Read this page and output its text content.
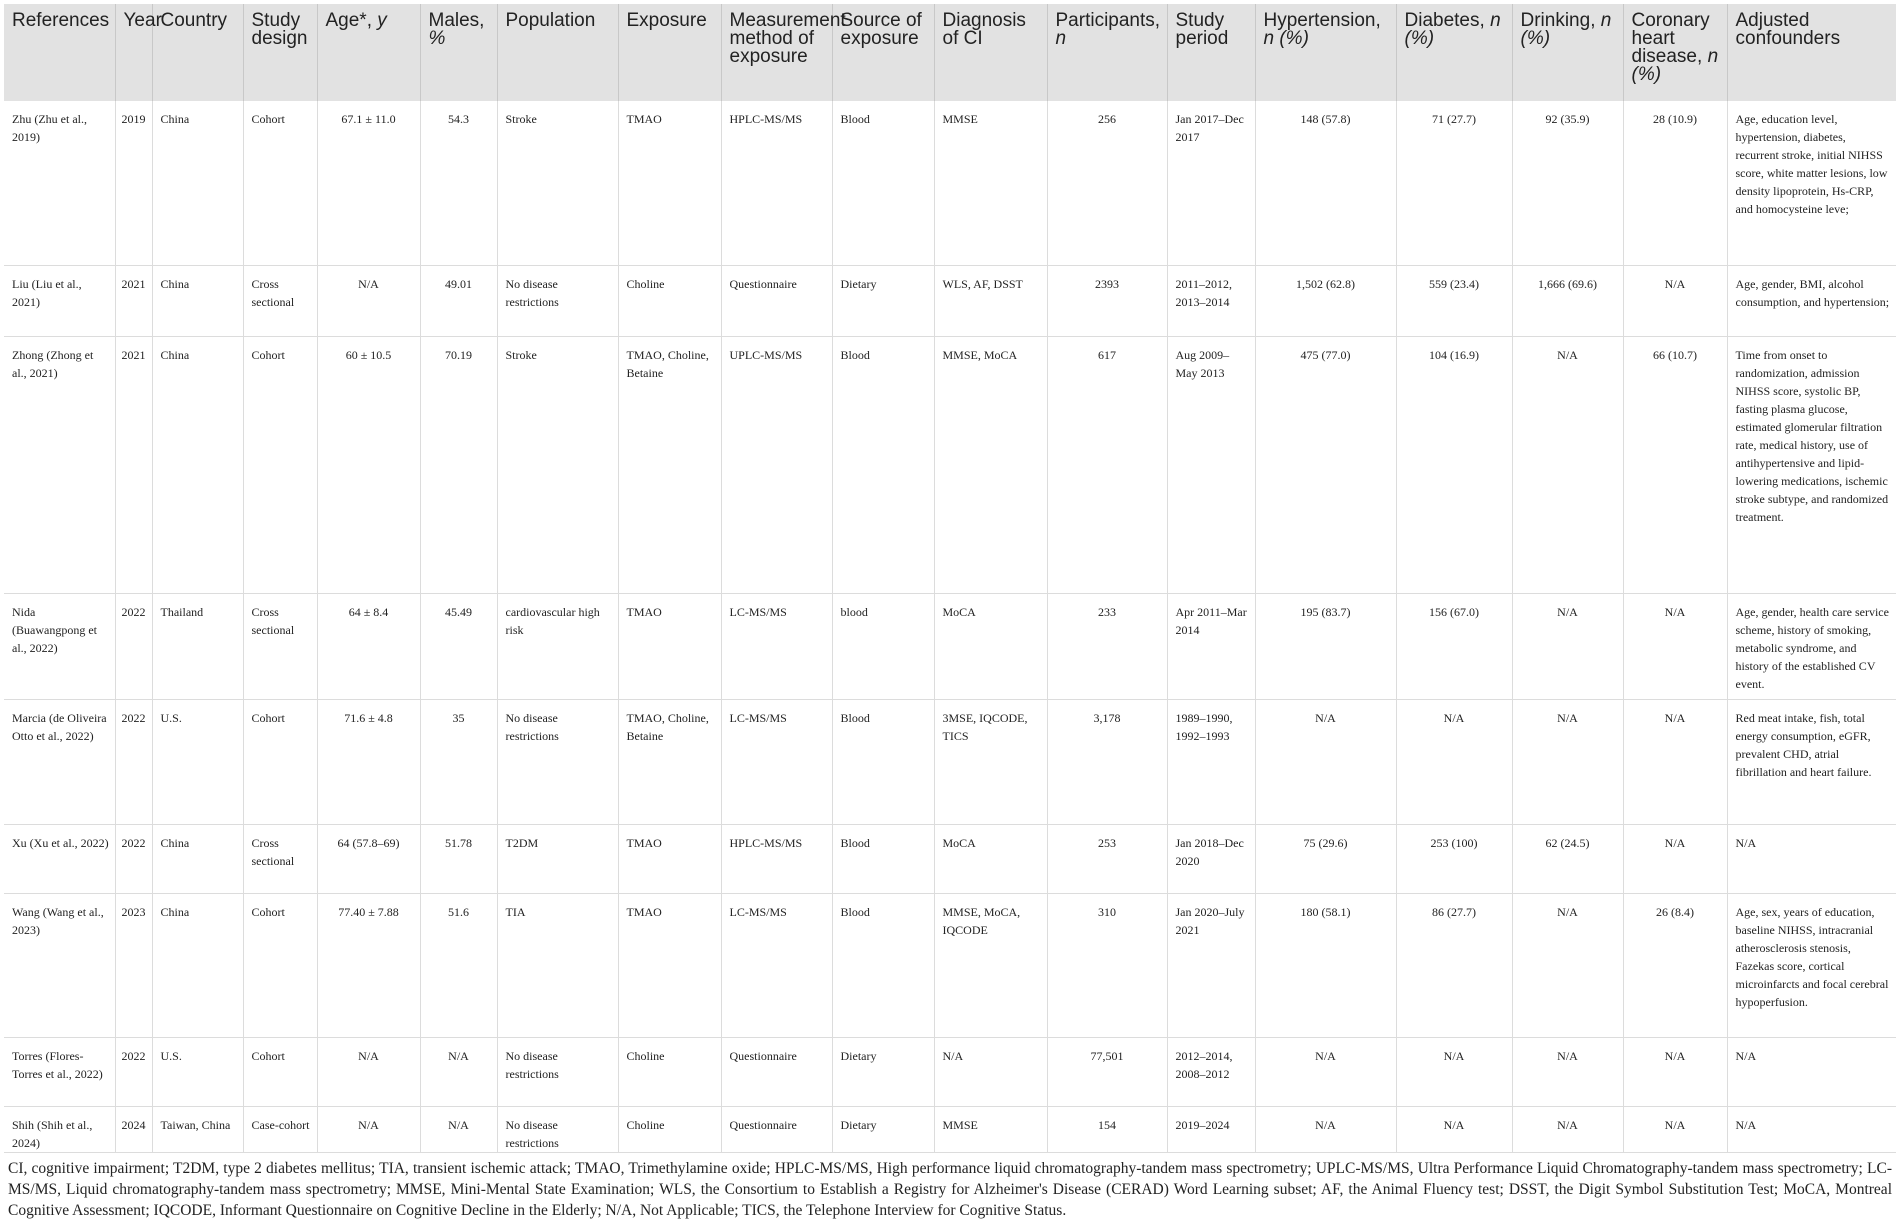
References	Year	Country	Study design	Age*, y	Males, %	Population	Exposure	Measurement method of exposure	Source of exposure	Diagnosis of CI	Participants, n	Study period	Hypertension, n (%)	Diabetes, n (%)	Drinking, n (%)	Coronary heart disease, n (%)	Adjusted confounders
Zhu (Zhu et al., 2019)	2019	China	Cohort	67.1 ± 11.0	54.3	Stroke	TMAO	HPLC-MS/MS	Blood	MMSE	256	Jan 2017–Dec 2017	148 (57.8)	71 (27.7)	92 (35.9)	28 (10.9)	Age, education level, hypertension, diabetes, recurrent stroke, initial NIHSS score, white matter lesions, low density lipoprotein, Hs-CRP, and homocysteine leve;
Liu (Liu et al., 2021)	2021	China	Cross sectional	N/A	49.01	No disease restrictions	Choline	Questionnaire	Dietary	WLS, AF, DSST	2393	2011–2012, 2013–2014	1,502 (62.8)	559 (23.4)	1,666 (69.6)	N/A	Age, gender, BMI, alcohol consumption, and hypertension;
Zhong (Zhong et al., 2021)	2021	China	Cohort	60 ± 10.5	70.19	Stroke	TMAO, Choline, Betaine	UPLC-MS/MS	Blood	MMSE, MoCA	617	Aug 2009–May 2013	475 (77.0)	104 (16.9)	N/A	66 (10.7)	Time from onset to randomization, admission NIHSS score, systolic BP, fasting plasma glucose, estimated glomerular filtration rate, medical history, use of antihypertensive and lipid-lowering medications, ischemic stroke subtype, and randomized treatment.
Nida (Buawangpong et al., 2022)	2022	Thailand	Cross sectional	64 ± 8.4	45.49	cardiovascular high risk	TMAO	LC-MS/MS	blood	MoCA	233	Apr 2011–Mar 2014	195 (83.7)	156 (67.0)	N/A	N/A	Age, gender, health care service scheme, history of smoking, metabolic syndrome, and history of the established CV event.
Marcia (de Oliveira Otto et al., 2022)	2022	U.S.	Cohort	71.6 ± 4.8	35	No disease restrictions	TMAO, Choline, Betaine	LC-MS/MS	Blood	3MSE, IQCODE, TICS	3,178	1989–1990, 1992–1993	N/A	N/A	N/A	N/A	Red meat intake, fish, total energy consumption, eGFR, prevalent CHD, atrial fibrillation and heart failure.
Xu (Xu et al., 2022)	2022	China	Cross sectional	64 (57.8–69)	51.78	T2DM	TMAO	HPLC-MS/MS	Blood	MoCA	253	Jan 2018–Dec 2020	75 (29.6)	253 (100)	62 (24.5)	N/A	N/A
Wang (Wang et al., 2023)	2023	China	Cohort	77.40 ± 7.88	51.6	TIA	TMAO	LC-MS/MS	Blood	MMSE, MoCA, IQCODE	310	Jan 2020–July 2021	180 (58.1)	86 (27.7)	N/A	26 (8.4)	Age, sex, years of education, baseline NIHSS, intracranial atherosclerosis stenosis, Fazekas score, cortical microinfarcts and focal cerebral hypoperfusion.
Torres (Flores-Torres et al., 2022)	2022	U.S.	Cohort	N/A	N/A	No disease restrictions	Choline	Questionnaire	Dietary	N/A	77,501	2012–2014, 2008–2012	N/A	N/A	N/A	N/A	N/A
Shih (Shih et al., 2024)	2024	Taiwan, China	Case-cohort	N/A	N/A	No disease restrictions	Choline	Questionnaire	Dietary	MMSE	154	2019–2024	N/A	N/A	N/A	N/A	N/A
CI, cognitive impairment; T2DM, type 2 diabetes mellitus; TIA, transient ischemic attack; TMAO, Trimethylamine oxide; HPLC-MS/MS, High performance liquid chromatography-tandem mass spectrometry; UPLC-MS/MS, Ultra Performance Liquid Chromatography-tandem mass spectrometry; LC-MS/MS, Liquid chromatography-tandem mass spectrometry; MMSE, Mini-Mental State Examination; WLS, the Consortium to Establish a Registry for Alzheimer's Disease (CERAD) Word Learning subset; AF, the Animal Fluency test; DSST, the Digit Symbol Substitution Test; MoCA, Montreal Cognitive Assessment; IQCODE, Informant Questionnaire on Cognitive Decline in the Elderly; N/A, Not Applicable; TICS, the Telephone Interview for Cognitive Status.
